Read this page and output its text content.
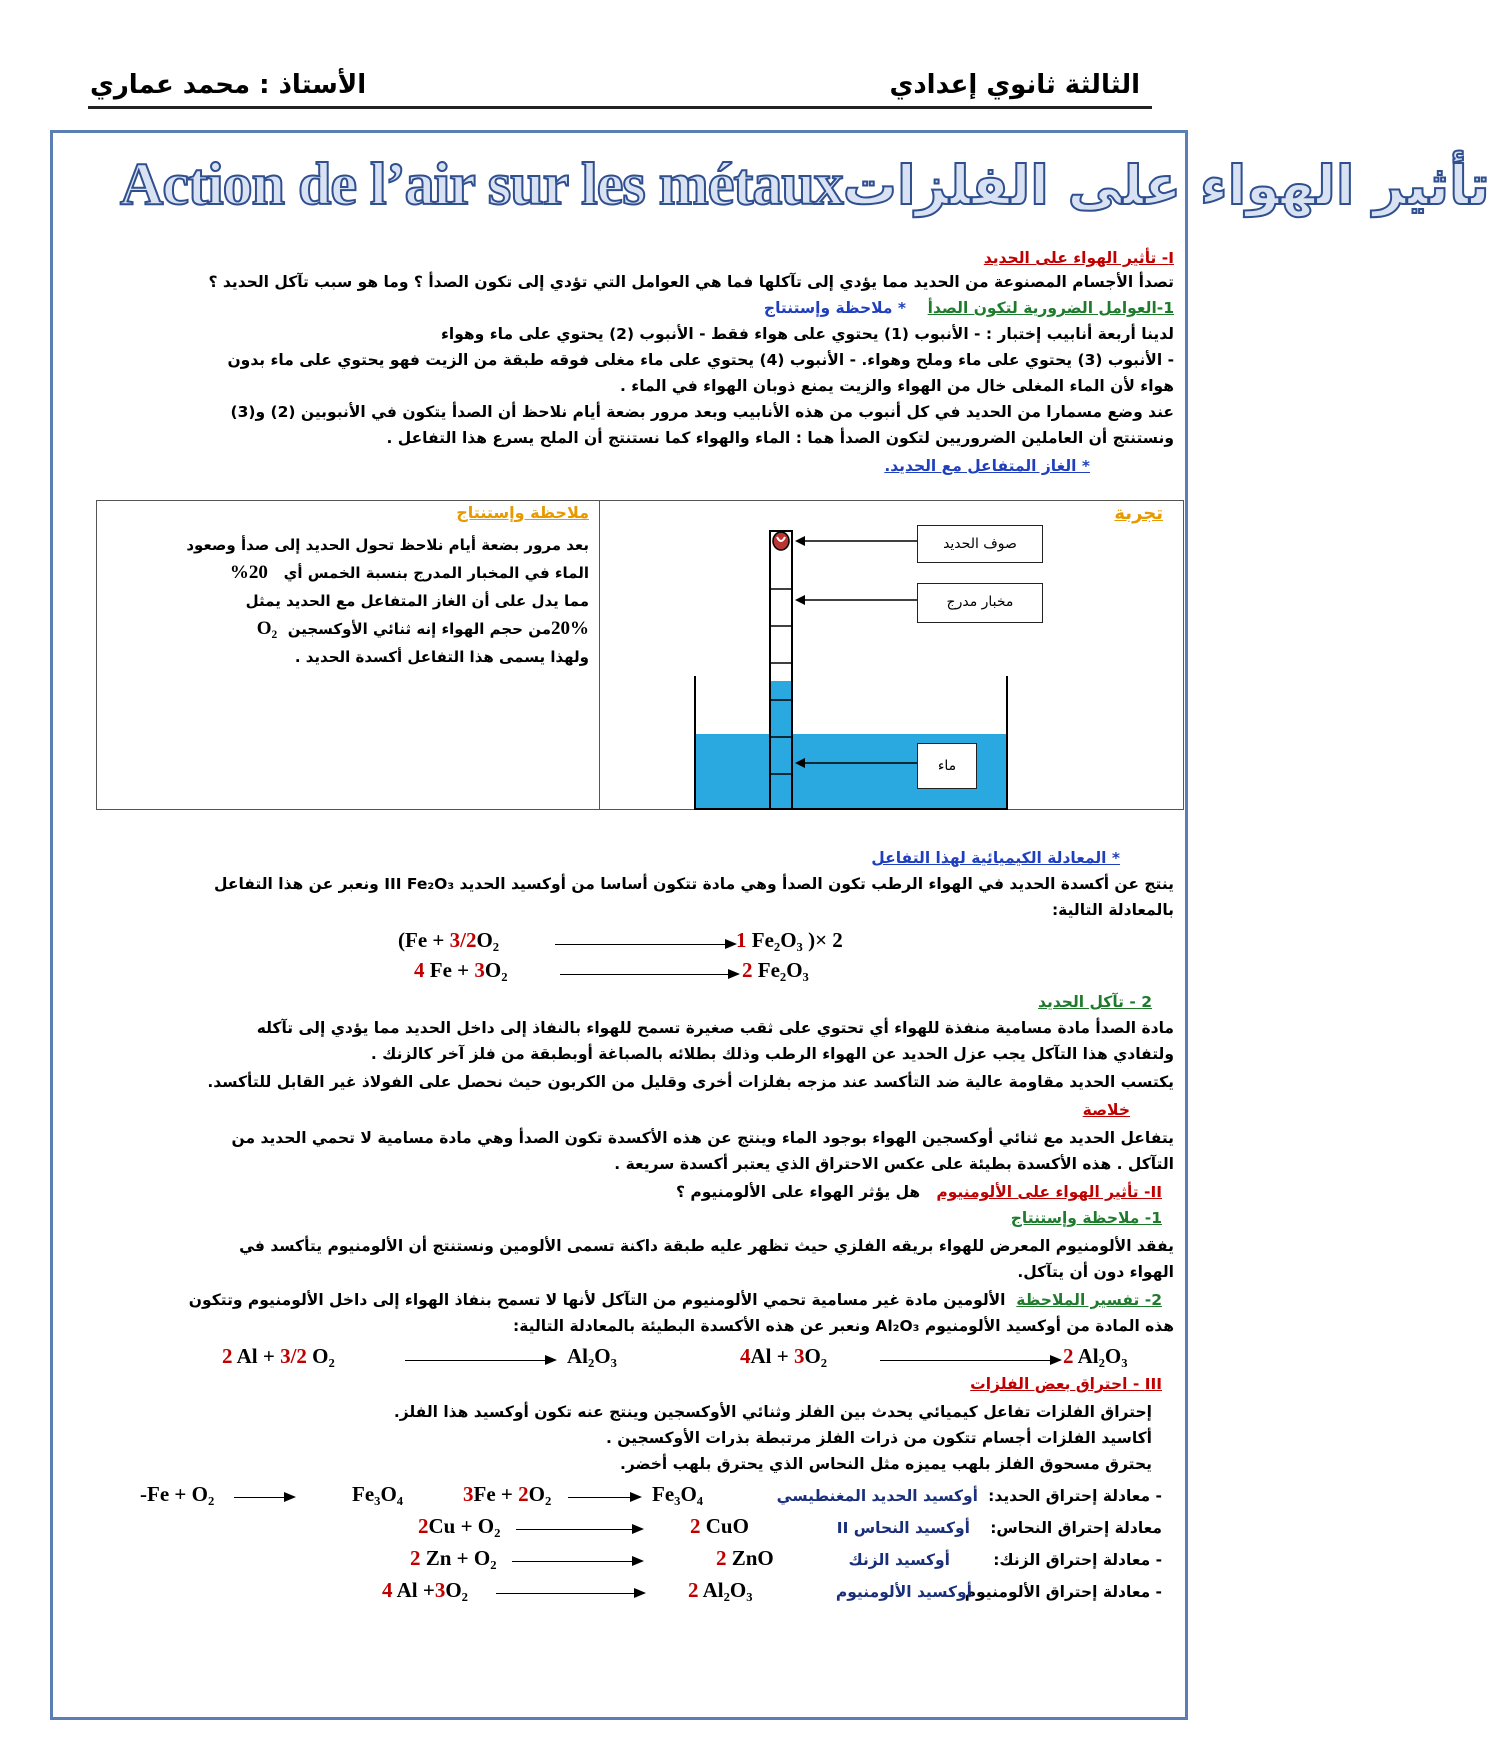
الثالثة ثانوي إعدادي
الأستاذ : محمد عماري
Action de l’air sur les métauxتأثير الهواء على الفلزات
I- تأثير الهواء على الحديد
تصدأ الأجسام المصنوعة من الحديد مما يؤدي إلى تآكلها فما هي العوامل التي تؤدي إلى تكون الصدأ ؟ وما هو سبب تآكل الحديد ؟
1-العوامل الضرورية لتكون الصدأ    * ملاحظة وإستنتاج
لدينا أربعة أنابيب إختبار : - الأنبوب (1) يحتوي على هواء فقط - الأنبوب (2) يحتوي على ماء وهواء
- الأنبوب (3) يحتوي على ماء وملح وهواء. - الأنبوب (4) يحتوي على ماء مغلى فوقه طبقة من الزيت فهو يحتوي على ماء بدون
هواء لأن الماء المغلى خال من الهواء والزيت يمنع ذوبان الهواء في الماء .
عند وضع مسمارا من الحديد في كل أنبوب من هذه الأنابيب وبعد مرور بضعة أيام نلاحظ أن الصدأ يتكون في الأنبوبين (2) و(3)
ونستنتج أن العاملين الضروريين لتكون الصدأ هما : الماء والهواء كما نستنتج أن الملح يسرع هذا التفاعل .
* الغاز المتفاعل مع الحديد.
ملاحظة وإستنتاج
بعد مرور بضعة أيام نلاحظ تحول الحديد إلى صدأ وصعود
الماء في المخبار المدرج بنسبة الخمس أي   20%
مما يدل على أن الغاز المتفاعل مع الحديد يمثل
20%من حجم الهواء إنه ثنائي الأوكسجين  O₂
ولهذا يسمى هذا التفاعل أكسدة الحديد .

تجربة
صوف الحديد
مخبار مدرج
ماء
* المعادلة الكيميائية لهذا التفاعل
ينتج عن أكسدة الحديد في الهواء الرطب تكون الصدأ وهي مادة تتكون أساسا من أوكسيد الحديد III Fe₂O₃ ونعبر عن هذا التفاعل
بالمعادلة التالية:
(Fe + 3/2O₂	1 Fe₂O₃ )× 2
4 Fe + 3O₂	2 Fe₂O₃
2 - تآكل الحديد
مادة الصدأ مادة مسامية منفذة للهواء أي تحتوي على ثقب صغيرة تسمح للهواء بالنفاذ إلى داخل الحديد مما يؤدي إلى تآكله
ولتفادي هذا التآكل يجب عزل الحديد عن الهواء الرطب وذلك بطلائه بالصباغة أوبطبقة من فلز آخر كالزنك .
يكتسب الحديد مقاومة عالية ضد التأكسد عند مزجه بفلزات أخرى وقليل من الكربون حيث نحصل على الفولاذ غير القابل للتأكسد.
خلاصة
يتفاعل الحديد مع ثنائي أوكسجين الهواء بوجود الماء وينتج عن هذه الأكسدة تكون الصدأ وهي مادة مسامية لا تحمي الحديد من
التآكل . هذه الأكسدة بطيئة على عكس الاحتراق الذي يعتبر أكسدة سريعة .
II- تأثير الهواء على الألومنيوم   هل يؤثر الهواء على الألومنيوم ؟
1- ملاحظة وإستنتاج
يفقد الألومنيوم المعرض للهواء بريقه الفلزي حيث تظهر عليه طبقة داكنة تسمى الألومين ونستنتج أن الألومنيوم يتأكسد في
الهواء دون أن يتآكل.
2- تفسير الملاحظة  الألومين مادة غير مسامية تحمي الألومنيوم من التآكل لأنها لا تسمح بنفاذ الهواء إلى داخل الألومنيوم وتتكون
هذه المادة من أوكسيد الألومنيوم Al₂O₃ ونعبر عن هذه الأكسدة البطيئة بالمعادلة التالية:
2 Al + 3/2 O₂	Al₂O₃	4Al + 3O₂	2 Al₂O₃
III - احتراق بعض الفلزات
إحتراق الفلزات تفاعل كيميائي يحدث بين الفلز وثنائي الأوكسجين وينتج عنه تكون أوكسيد هذا الفلز.
أكاسيد الفلزات أجسام تتكون من ذرات الفلز مرتبطة بذرات الأوكسجين .
يحترق مسحوق الفلز بلهب يميزه مثل النحاس الذي يحترق بلهب أخضر.
- معادلة إحتراق الحديد:
أوكسيد الحديد المغنطيسي
-Fe + O₂	Fe₃O₄	3Fe + 2O₂	Fe₃O₄
معادلة إحتراق النحاس:
أوكسيد النحاس II
2Cu + O₂	2 CuO
- معادلة إحتراق الزنك:
أوكسيد الزنك
2 Zn + O₂	2 ZnO
- معادلة إحتراق الألومنيوم
أوكسيد الألومنيوم
4 Al +3O₂	2 Al₂O₃
